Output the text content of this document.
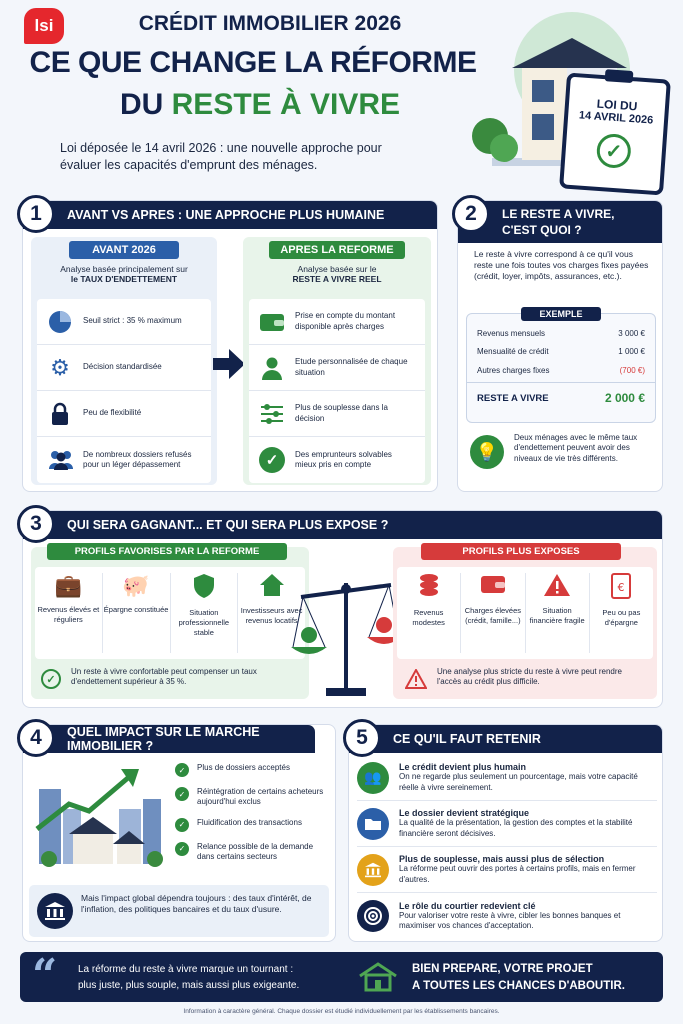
lsi	CRÉDIT IMMOBILIER 2026
CE QUE CHANGE LA RÉFORME
DU RESTE À VIVRE
Loi déposée le 14 avril 2026 : une nouvelle approche pour évaluer les capacités d'emprunt des ménages.
LOI DU
14 AVRIL 2026
✓
AVANT VS APRES : UNE APPROCHE PLUS HUMAINE
1
AVANT 2026
Analyse basée principalement sur
le TAUX D'ENDETTEMENT
Seuil strict : 35 % maximum
⚙	Décision standardisée
Peu de flexibilité
De nombreux dossiers refusés pour un léger dépassement
APRES LA REFORME
Analyse basée sur le
RESTE A VIVRE REEL
Prise en compte du montant disponible après charges
Etude personnalisée de chaque situation
Plus de souplesse dans la décision
✓	Des emprunteurs solvables mieux pris en compte
LE RESTE A VIVRE,
C'EST QUOI ?
2
Le reste à vivre correspond à ce qu'il vous reste une fois toutes vos charges fixes payées (crédit, loyer, impôts, assurances, etc.).
EXEMPLE
Revenus mensuels	3 000 €
Mensualité de crédit	1 000 €
Autres charges fixes	(700 €)
RESTE A VIVRE	2 000 €
💡
Deux ménages avec le même taux d'endettement peuvent avoir des niveaux de vie très différents.
QUI SERA GAGNANT... ET QUI SERA PLUS EXPOSE ?
3
PROFILS FAVORISES PAR LA REFORME
💼
Revenus élevés et réguliers
🐖
Épargne constituée	Situation professionnelle stable
Investisseurs avec revenus locatifs
✓
Un reste à vivre confortable peut compenser un taux d'endettement supérieur à 35 %.
PROFILS PLUS EXPOSES
Revenus modestes
Charges élevées (crédit, famille...)
Situation financière fragile
€
Peu ou pas d'épargne
Une analyse plus stricte du reste à vivre peut rendre l'accès au crédit plus difficile.
QUEL IMPACT SUR LE MARCHE IMMOBILIER ?
4
✓	Plus de dossiers acceptés
✓	Réintégration de certains acheteurs aujourd'hui exclus
✓	Fluidification des transactions
✓	Relance possible de la demande dans certains secteurs
Mais l'impact global dépendra toujours : des taux d'intérêt, de l'inflation, des politiques bancaires et du taux d'usure.
CE QU'IL FAUT RETENIR
5
👥
Le crédit devient plus humain
On ne regarde plus seulement un pourcentage, mais votre capacité réelle à vivre sereinement.
Le dossier devient stratégique
La qualité de la présentation, la gestion des comptes et la stabilité financière seront décisives.
Plus de souplesse, mais aussi plus de sélection
La réforme peut ouvrir des portes à certains profils, mais en fermer d'autres.
Le rôle du courtier redevient clé
Pour valoriser votre reste à vivre, cibler les bonnes banques et maximiser vos chances d'acceptation.
“ La réforme du reste à vivre marque un tournant :
plus juste, plus souple, mais aussi plus exigeante.
BIEN PREPARE, VOTRE PROJET
A TOUTES LES CHANCES D'ABOUTIR.
Information à caractère général. Chaque dossier est étudié individuellement par les établissements bancaires.
